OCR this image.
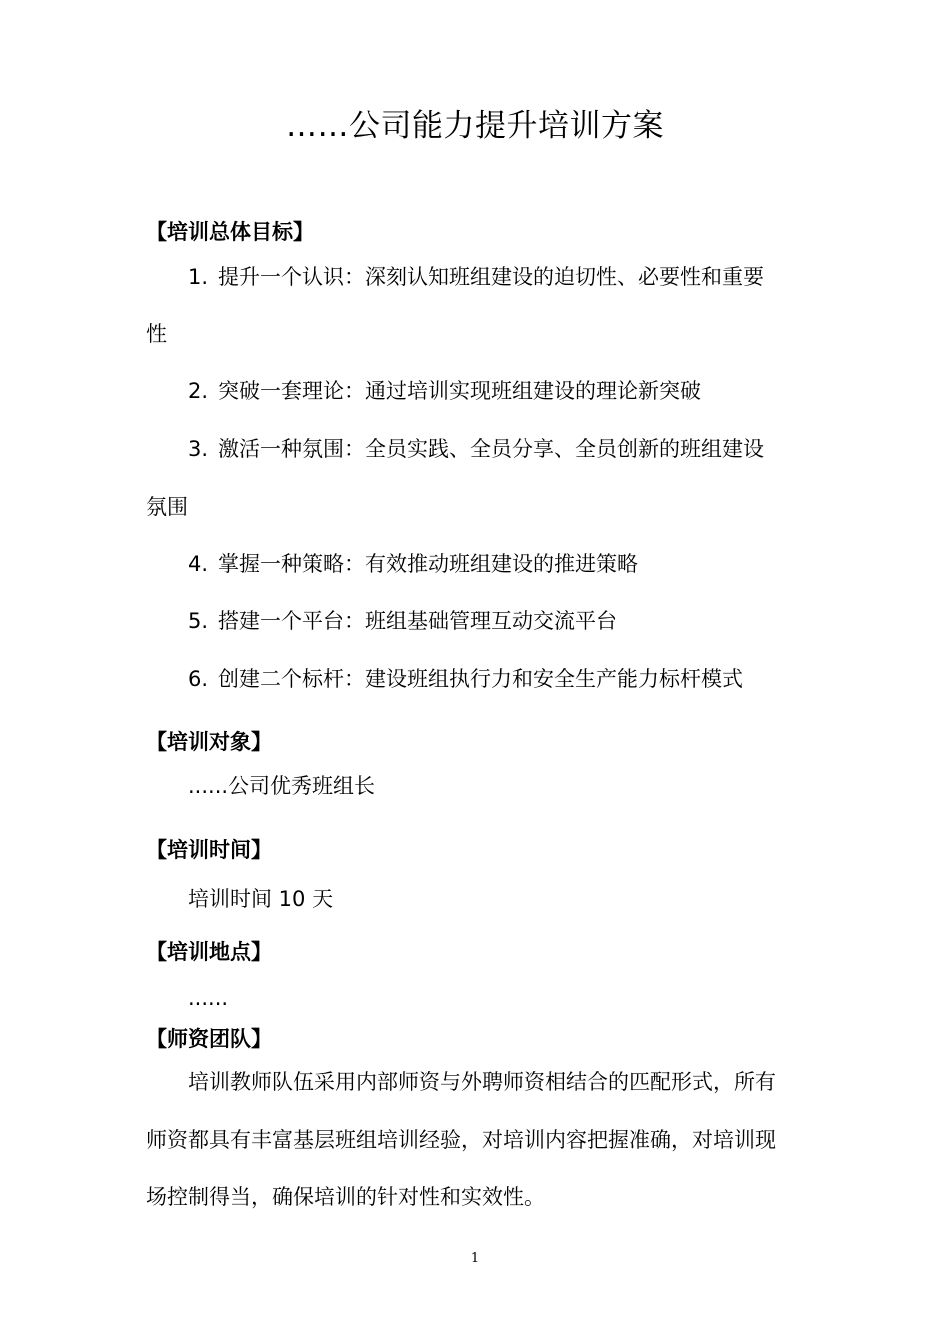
……公司能力提升培训方案
【培训总体目标】
1. 提升一个认识：深刻认知班组建设的迫切性、必要性和重要
性
2. 突破一套理论：通过培训实现班组建设的理论新突破
3. 激活一种氛围：全员实践、全员分享、全员创新的班组建设
氛围
4. 掌握一种策略：有效推动班组建设的推进策略
5. 搭建一个平台：班组基础管理互动交流平台
6. 创建二个标杆：建设班组执行力和安全生产能力标杆模式
【培训对象】
......公司优秀班组长
【培训时间】
培训时间 10 天
【培训地点】
......
【师资团队】
培训教师队伍采用内部师资与外聘师资相结合的匹配形式，所有
师资都具有丰富基层班组培训经验，对培训内容把握准确，对培训现
场控制得当，确保培训的针对性和实效性。
1
